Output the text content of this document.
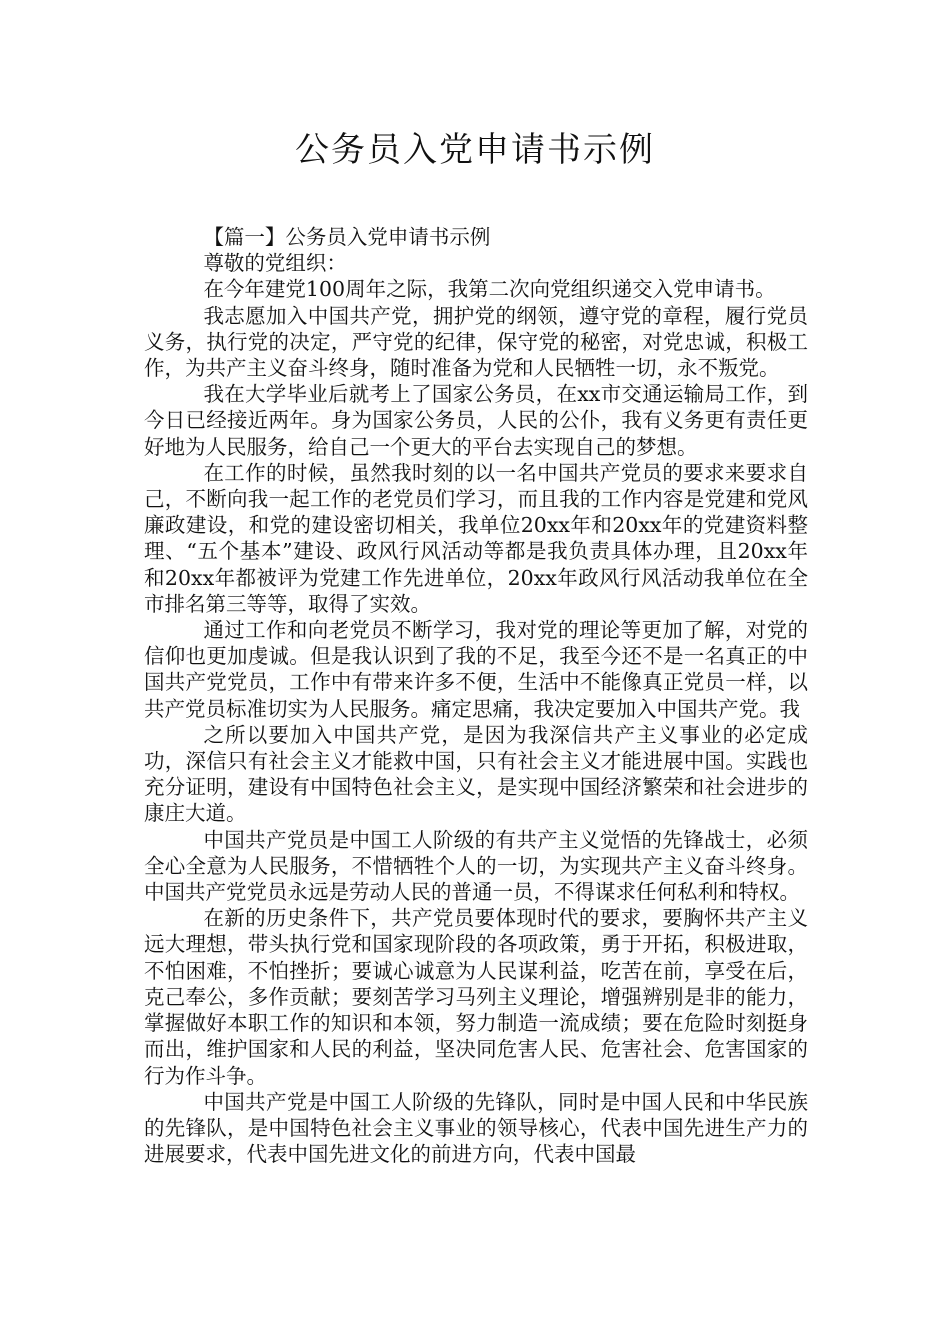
公务员入党申请书示例

【篇一】公务员入党申请书示例

尊敬的党组织：

在今年建党100周年之际，我第二次向党组织递交入党申请书。

我志愿加入中国共产党，拥护党的纲领，遵守党的章程，履行党员义务，执行党的决定，严守党的纪律，保守党的秘密，对党忠诚，积极工作，为共产主义奋斗终身，随时准备为党和人民牺牲一切，永不叛党。

我在大学毕业后就考上了国家公务员，在xx市交通运输局工作，到今日已经接近两年。身为国家公务员，人民的公仆，我有义务更有责任更好地为人民服务，给自己一个更大的平台去实现自己的梦想。

在工作的时候，虽然我时刻的以一名中国共产党员的要求来要求自己，不断向我一起工作的老党员们学习，而且我的工作内容是党建和党风廉政建设，和党的建设密切相关，我单位20xx年和20xx年的党建资料整理、“五个基本”建设、政风行风活动等都是我负责具体办理，且20xx年和20xx年都被评为党建工作先进单位，20xx年政风行风活动我单位在全市排名第三等等，取得了实效。

通过工作和向老党员不断学习，我对党的理论等更加了解，对党的信仰也更加虔诚。但是我认识到了我的不足，我至今还不是一名真正的中国共产党党员，工作中有带来许多不便，生活中不能像真正党员一样，以共产党员标准切实为人民服务。痛定思痛，我决定要加入中国共产党。我

之所以要加入中国共产党，是因为我深信共产主义事业的必定成功，深信只有社会主义才能救中国，只有社会主义才能进展中国。实践也充分证明，建设有中国特色社会主义，是实现中国经济繁荣和社会进步的康庄大道。

中国共产党员是中国工人阶级的有共产主义觉悟的先锋战士，必须全心全意为人民服务，不惜牺牲个人的一切，为实现共产主义奋斗终身。中国共产党党员永远是劳动人民的普通一员，不得谋求任何私利和特权。

在新的历史条件下，共产党员要体现时代的要求，要胸怀共产主义远大理想，带头执行党和国家现阶段的各项政策，勇于开拓，积极进取，不怕困难，不怕挫折；要诚心诚意为人民谋利益，吃苦在前，享受在后，克己奉公，多作贡献；要刻苦学习马列主义理论，增强辨别是非的能力，掌握做好本职工作的知识和本领，努力制造一流成绩；要在危险时刻挺身而出，维护国家和人民的利益，坚决同危害人民、危害社会、危害国家的行为作斗争。

中国共产党是中国工人阶级的先锋队，同时是中国人民和中华民族的先锋队，是中国特色社会主义事业的领导核心，代表中国先进生产力的进展要求，代表中国先进文化的前进方向，代表中国最
